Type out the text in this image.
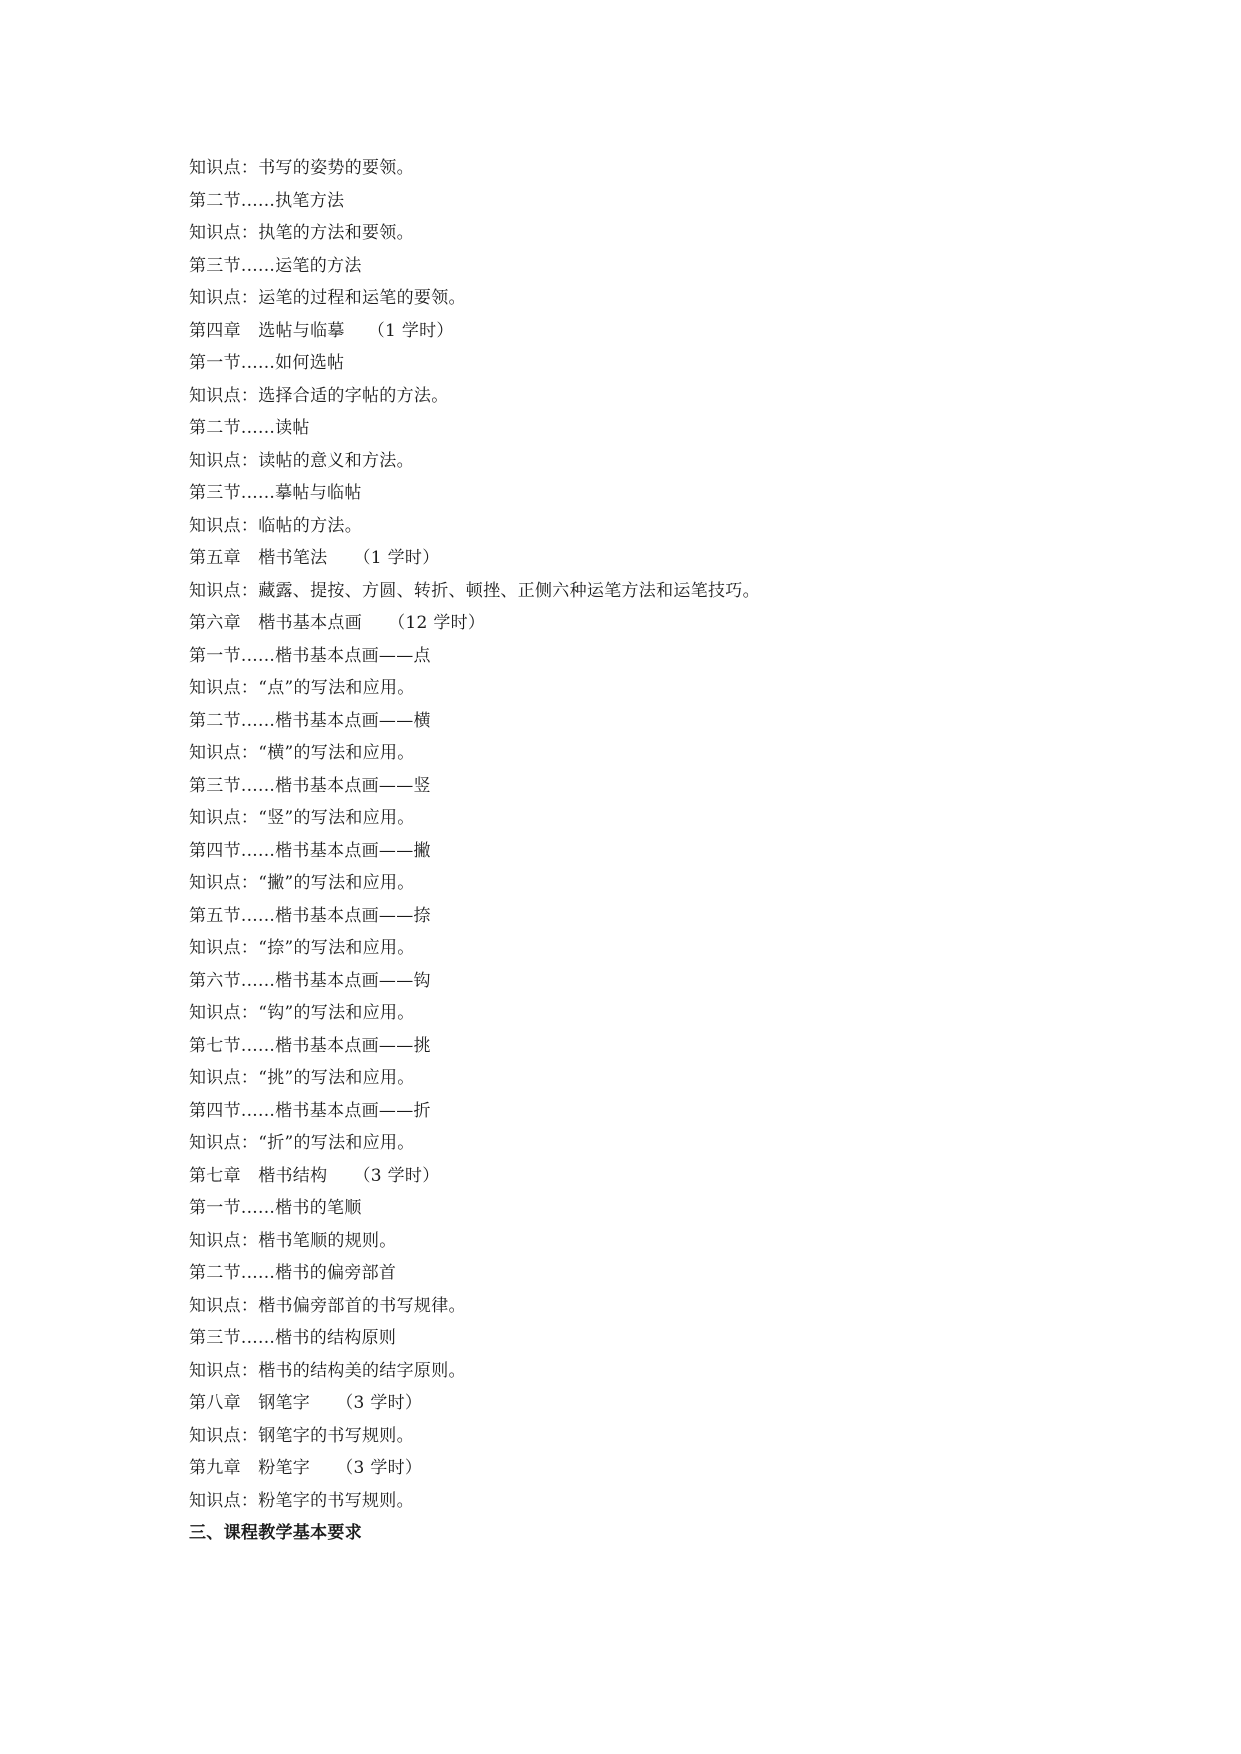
知识点：书写的姿势的要领。
第二节......执笔方法
知识点：执笔的方法和要领。
第三节......运笔的方法
知识点：运笔的过程和运笔的要领。
第四章　选帖与临摹　 （1 学时）
第一节......如何选帖
知识点：选择合适的字帖的方法。
第二节......读帖
知识点：读帖的意义和方法。
第三节......摹帖与临帖
知识点：临帖的方法。
第五章　楷书笔法　　（1 学时）
知识点：藏露、提按、方圆、转折、顿挫、正侧六种运笔方法和运笔技巧。
第六章　楷书基本点画　　（12 学时）
第一节......楷书基本点画——点
知识点：“点”的写法和应用。
第二节......楷书基本点画——横
知识点：“横”的写法和应用。
第三节......楷书基本点画——竖
知识点：“竖”的写法和应用。
第四节......楷书基本点画——撇
知识点：“撇”的写法和应用。
第五节......楷书基本点画——捺
知识点：“捺”的写法和应用。
第六节......楷书基本点画——钩
知识点：“钩”的写法和应用。
第七节......楷书基本点画——挑
知识点：“挑”的写法和应用。
第四节......楷书基本点画——折
知识点：“折”的写法和应用。
第七章　楷书结构　　（3 学时）
第一节......楷书的笔顺
知识点：楷书笔顺的规则。
第二节......楷书的偏旁部首
知识点：楷书偏旁部首的书写规律。
第三节......楷书的结构原则
知识点：楷书的结构美的结字原则。
第八章　钢笔字　　（3 学时）
知识点：钢笔字的书写规则。
第九章　粉笔字　　（3 学时）
知识点：粉笔字的书写规则。
三、课程教学基本要求
